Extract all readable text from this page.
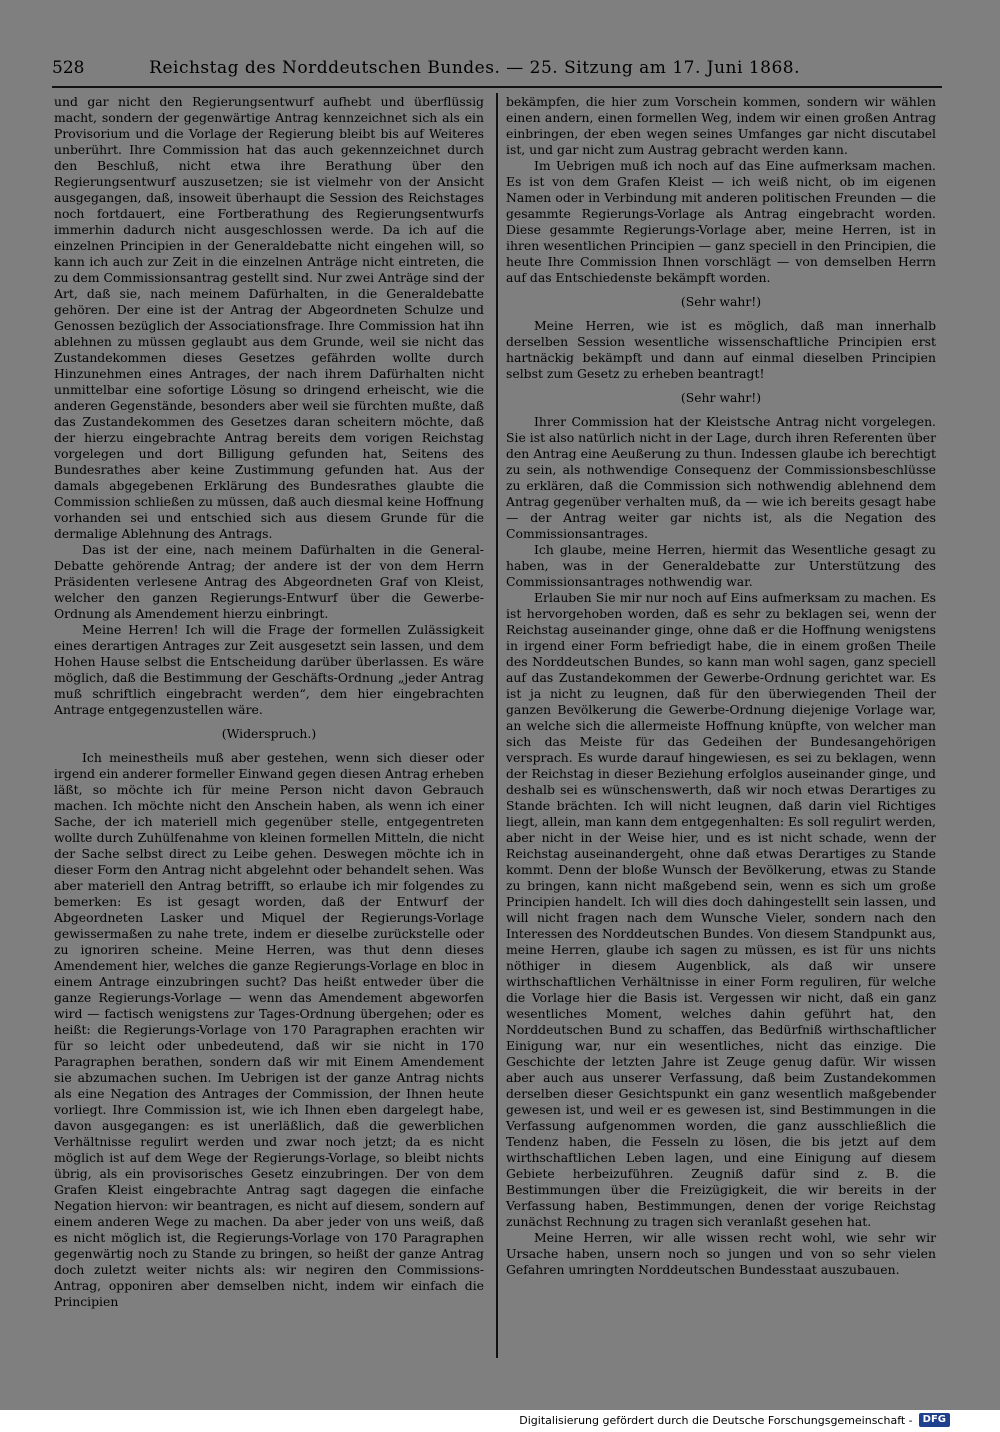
528	Reichstag des Norddeutschen Bundes. — 25. Sitzung am 17. Juni 1868.

und gar nicht den Regierungsentwurf aufhebt und überflüssig macht, sondern der gegenwärtige Antrag kennzeichnet sich als ein Provisorium und die Vorlage der Regierung bleibt bis auf Weiteres unberührt. Ihre Commission hat das auch gekennzeichnet durch den Beschluß, nicht etwa ihre Berathung über den Regierungsentwurf auszusetzen; sie ist vielmehr von der Ansicht ausgegangen, daß, insoweit überhaupt die Session des Reichstages noch fortdauert, eine Fortberathung des Regierungsentwurfs immerhin dadurch nicht ausgeschlossen werde. Da ich auf die einzelnen Principien in der Generaldebatte nicht eingehen will, so kann ich auch zur Zeit in die einzelnen Anträge nicht eintreten, die zu dem Commissionsantrag gestellt sind. Nur zwei Anträge sind der Art, daß sie, nach meinem Dafürhalten, in die Generaldebatte gehören. Der eine ist der Antrag der Abgeordneten Schulze und Genossen bezüglich der Associationsfrage. Ihre Commission hat ihn ablehnen zu müssen geglaubt aus dem Grunde, weil sie nicht das Zustandekommen dieses Gesetzes gefährden wollte durch Hinzunehmen eines Antrages, der nach ihrem Dafürhalten nicht unmittelbar eine sofortige Lösung so dringend erheischt, wie die anderen Gegenstände, besonders aber weil sie fürchten mußte, daß das Zustandekommen des Gesetzes daran scheitern möchte, daß der hierzu eingebrachte Antrag bereits dem vorigen Reichstag vorgelegen und dort Billigung gefunden hat, Seitens des Bundesrathes aber keine Zustimmung gefunden hat. Aus der damals abgegebenen Erklärung des Bundesrathes glaubte die Commission schließen zu müssen, daß auch diesmal keine Hoffnung vorhanden sei und entschied sich aus diesem Grunde für die dermalige Ablehnung des Antrags.

Das ist der eine, nach meinem Dafürhalten in die General-Debatte gehörende Antrag; der andere ist der von dem Herrn Präsidenten verlesene Antrag des Abgeordneten Graf von Kleist, welcher den ganzen Regierungs-Entwurf über die Gewerbe-Ordnung als Amendement hierzu einbringt.

Meine Herren! Ich will die Frage der formellen Zulässigkeit eines derartigen Antrages zur Zeit ausgesetzt sein lassen, und dem Hohen Hause selbst die Entscheidung darüber überlassen. Es wäre möglich, daß die Bestimmung der Geschäfts-Ordnung „jeder Antrag muß schriftlich eingebracht werden“, dem hier eingebrachten Antrage entgegenzustellen wäre.

(Widerspruch.)

Ich meinestheils muß aber gestehen, wenn sich dieser oder irgend ein anderer formeller Einwand gegen diesen Antrag erheben läßt, so möchte ich für meine Person nicht davon Gebrauch machen. Ich möchte nicht den Anschein haben, als wenn ich einer Sache, der ich materiell mich gegenüber stelle, entgegentreten wollte durch Zuhülfenahme von kleinen formellen Mitteln, die nicht der Sache selbst direct zu Leibe gehen. Deswegen möchte ich in dieser Form den Antrag nicht abgelehnt oder behandelt sehen. Was aber materiell den Antrag betrifft, so erlaube ich mir folgendes zu bemerken: Es ist gesagt worden, daß der Entwurf der Abgeordneten Lasker und Miquel der Regierungs-Vorlage gewissermaßen zu nahe trete, indem er dieselbe zurückstelle oder zu ignoriren scheine. Meine Herren, was thut denn dieses Amendement hier, welches die ganze Regierungs-Vorlage en bloc in einem Antrage einzubringen sucht? Das heißt entweder über die ganze Regierungs-Vorlage — wenn das Amendement abgeworfen wird — factisch wenigstens zur Tages-Ordnung übergehen; oder es heißt: die Regierungs-Vorlage von 170 Paragraphen erachten wir für so leicht oder unbedeutend, daß wir sie nicht in 170 Paragraphen berathen, sondern daß wir mit Einem Amendement sie abzumachen suchen. Im Uebrigen ist der ganze Antrag nichts als eine Negation des Antrages der Commission, der Ihnen heute vorliegt. Ihre Commission ist, wie ich Ihnen eben dargelegt habe, davon ausgegangen: es ist unerläßlich, daß die gewerblichen Verhältnisse regulirt werden und zwar noch jetzt; da es nicht möglich ist auf dem Wege der Regierungs-Vorlage, so bleibt nichts übrig, als ein provisorisches Gesetz einzubringen. Der von dem Grafen Kleist eingebrachte Antrag sagt dagegen die einfache Negation hiervon: wir beantragen, es nicht auf diesem, sondern auf einem anderen Wege zu machen. Da aber jeder von uns weiß, daß es nicht möglich ist, die Regierungs-Vorlage von 170 Paragraphen gegenwärtig noch zu Stande zu bringen, so heißt der ganze Antrag doch zuletzt weiter nichts als: wir negiren den Commissions-Antrag, opponiren aber demselben nicht, indem wir einfach die Principien

bekämpfen, die hier zum Vorschein kommen, sondern wir wählen einen andern, einen formellen Weg, indem wir einen großen Antrag einbringen, der eben wegen seines Umfanges gar nicht discutabel ist, und gar nicht zum Austrag gebracht werden kann.

Im Uebrigen muß ich noch auf das Eine aufmerksam machen. Es ist von dem Grafen Kleist — ich weiß nicht, ob im eigenen Namen oder in Verbindung mit anderen politischen Freunden — die gesammte Regierungs-Vorlage als Antrag eingebracht worden. Diese gesammte Regierungs-Vorlage aber, meine Herren, ist in ihren wesentlichen Principien — ganz speciell in den Principien, die heute Ihre Commission Ihnen vorschlägt — von demselben Herrn auf das Entschiedenste bekämpft worden.

(Sehr wahr!)

Meine Herren, wie ist es möglich, daß man innerhalb derselben Session wesentliche wissenschaftliche Principien erst hartnäckig bekämpft und dann auf einmal dieselben Principien selbst zum Gesetz zu erheben beantragt!

(Sehr wahr!)

Ihrer Commission hat der Kleistsche Antrag nicht vorgelegen. Sie ist also natürlich nicht in der Lage, durch ihren Referenten über den Antrag eine Aeußerung zu thun. Indessen glaube ich berechtigt zu sein, als nothwendige Consequenz der Commissionsbeschlüsse zu erklären, daß die Commission sich nothwendig ablehnend dem Antrag gegenüber verhalten muß, da — wie ich bereits gesagt habe — der Antrag weiter gar nichts ist, als die Negation des Commissionsantrages.

Ich glaube, meine Herren, hiermit das Wesentliche gesagt zu haben, was in der Generaldebatte zur Unterstützung des Commissionsantrages nothwendig war.

Erlauben Sie mir nur noch auf Eins aufmerksam zu machen. Es ist hervorgehoben worden, daß es sehr zu beklagen sei, wenn der Reichstag auseinander ginge, ohne daß er die Hoffnung wenigstens in irgend einer Form befriedigt habe, die in einem großen Theile des Norddeutschen Bundes, so kann man wohl sagen, ganz speciell auf das Zustandekommen der Gewerbe-Ordnung gerichtet war. Es ist ja nicht zu leugnen, daß für den überwiegenden Theil der ganzen Bevölkerung die Gewerbe-Ordnung diejenige Vorlage war, an welche sich die allermeiste Hoffnung knüpfte, von welcher man sich das Meiste für das Gedeihen der Bundesangehörigen versprach. Es wurde darauf hingewiesen, es sei zu beklagen, wenn der Reichstag in dieser Beziehung erfolglos auseinander ginge, und deshalb sei es wünschenswerth, daß wir noch etwas Derartiges zu Stande brächten. Ich will nicht leugnen, daß darin viel Richtiges liegt, allein, man kann dem entgegenhalten: Es soll regulirt werden, aber nicht in der Weise hier, und es ist nicht schade, wenn der Reichstag auseinandergeht, ohne daß etwas Derartiges zu Stande kommt. Denn der bloße Wunsch der Bevölkerung, etwas zu Stande zu bringen, kann nicht maßgebend sein, wenn es sich um große Principien handelt. Ich will dies doch dahingestellt sein lassen, und will nicht fragen nach dem Wunsche Vieler, sondern nach den Interessen des Norddeutschen Bundes. Von diesem Standpunkt aus, meine Herren, glaube ich sagen zu müssen, es ist für uns nichts nöthiger in diesem Augenblick, als daß wir unsere wirthschaftlichen Verhältnisse in einer Form reguliren, für welche die Vorlage hier die Basis ist. Vergessen wir nicht, daß ein ganz wesentliches Moment, welches dahin geführt hat, den Norddeutschen Bund zu schaffen, das Bedürfniß wirthschaftlicher Einigung war, nur ein wesentliches, nicht das einzige. Die Geschichte der letzten Jahre ist Zeuge genug dafür. Wir wissen aber auch aus unserer Verfassung, daß beim Zustandekommen derselben dieser Gesichtspunkt ein ganz wesentlich maßgebender gewesen ist, und weil er es gewesen ist, sind Bestimmungen in die Verfassung aufgenommen worden, die ganz ausschließlich die Tendenz haben, die Fesseln zu lösen, die bis jetzt auf dem wirthschaftlichen Leben lagen, und eine Einigung auf diesem Gebiete herbeizuführen. Zeugniß dafür sind z. B. die Bestimmungen über die Freizügigkeit, die wir bereits in der Verfassung haben, Bestimmungen, denen der vorige Reichstag zunächst Rechnung zu tragen sich veranlaßt gesehen hat.

Meine Herren, wir alle wissen recht wohl, wie sehr wir Ursache haben, unsern noch so jungen und von so sehr vielen Gefahren umringten Norddeutschen Bundesstaat auszubauen.

Digitalisierung gefördert durch die Deutsche Forschungsgemeinschaft -	DFG
